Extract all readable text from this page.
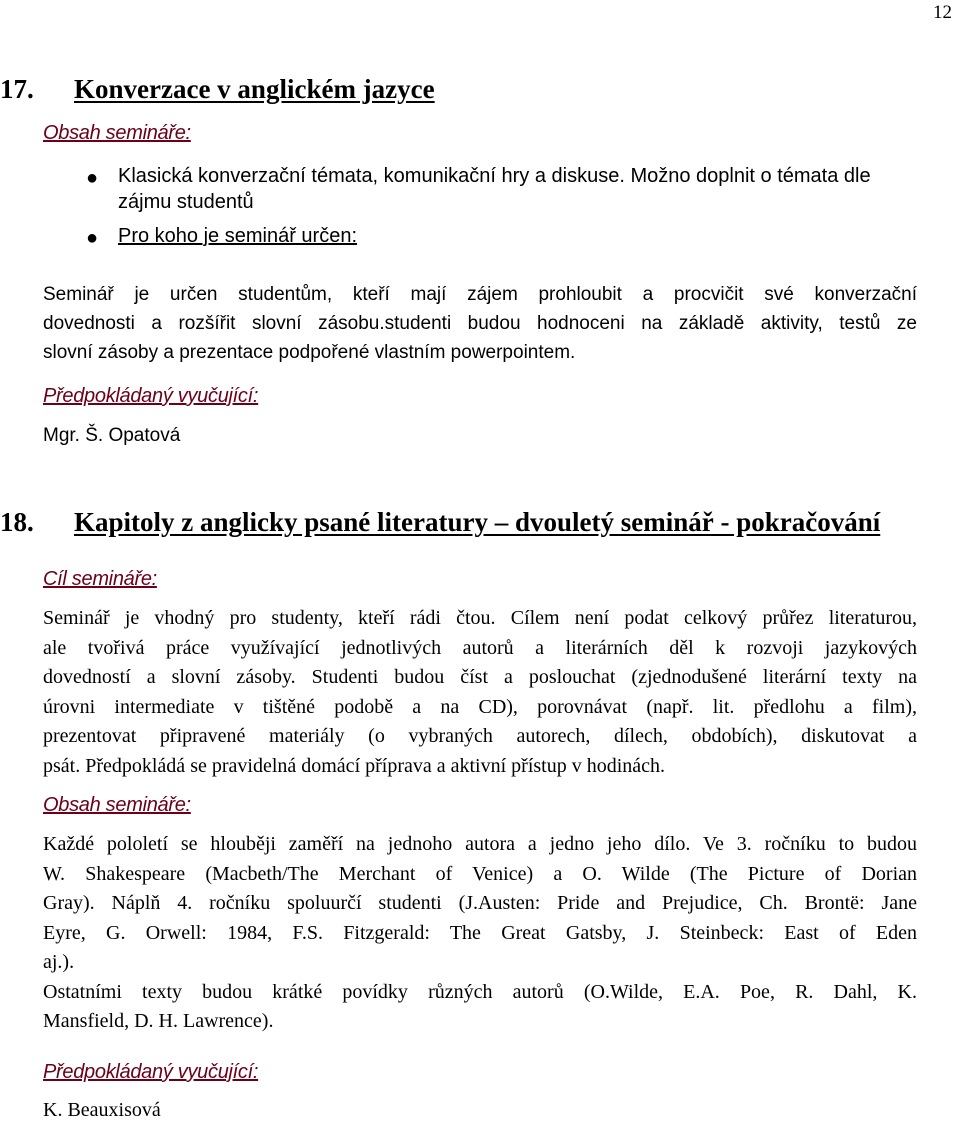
12
17. Konverzace v anglickém jazyce
Obsah semináře:
● Klasická konverzační témata, komunikační hry a diskuse. Možno doplnit o témata dle zájmu studentů
● Pro koho je seminář určen:
Seminář je určen studentům, kteří mají zájem prohloubit a procvičit své konverzační
dovednosti a rozšířit slovní zásobu.studenti budou hodnoceni na základě aktivity, testů ze
slovní zásoby a prezentace podpořené vlastním powerpointem.
Předpokládaný vyučující:
Mgr. Š. Opatová
18. Kapitoly z anglicky psané literatury – dvouletý seminář - pokračování
Cíl semináře:
Seminář je vhodný pro studenty, kteří rádi čtou. Cílem není podat celkový průřez literaturou,
ale tvořivá práce využívající jednotlivých autorů a literárních děl k rozvoji jazykových
dovedností a slovní zásoby. Studenti budou číst a poslouchat (zjednodušené literární texty na
úrovni intermediate v tištěné podobě a na CD), porovnávat (např. lit. předlohu a film),
prezentovat připravené materiály (o vybraných autorech, dílech, obdobích), diskutovat a
psát. Předpokládá se pravidelná domácí příprava a aktivní přístup v hodinách.
Obsah semináře:
Každé pololetí se hlouběji zaměří na jednoho autora a jedno jeho dílo. Ve 3. ročníku to budou
W. Shakespeare (Macbeth/The Merchant of Venice) a O. Wilde (The Picture of Dorian
Gray). Náplň 4. ročníku spoluurčí studenti (J.Austen: Pride and Prejudice, Ch. Brontë: Jane
Eyre, G. Orwell: 1984, F.S. Fitzgerald: The Great Gatsby, J. Steinbeck: East of Eden
aj.).
Ostatními texty budou krátké povídky různých autorů (O.Wilde, E.A. Poe, R. Dahl, K.
Mansfield, D. H. Lawrence).
Předpokládaný vyučující:
K. Beauxisová
